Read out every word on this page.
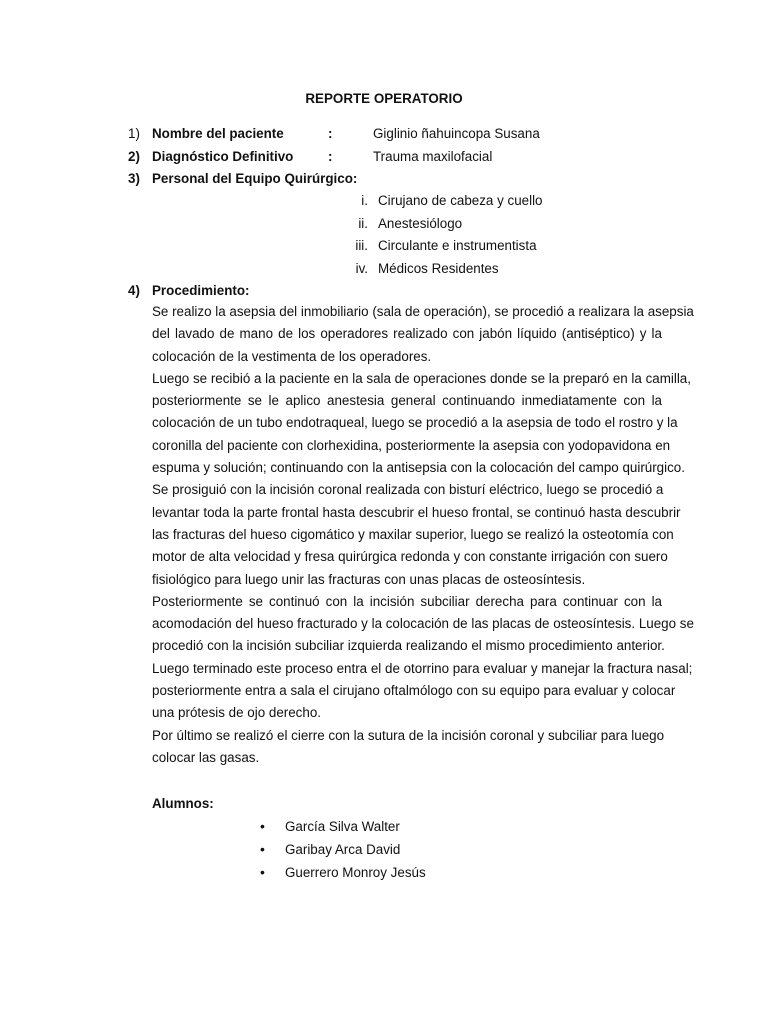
REPORTE OPERATORIO
1) Nombre del paciente	:	Giglinio ñahuincopa Susana
2) Diagnóstico Definitivo	:	Trauma maxilofacial
3) Personal del Equipo Quirúrgico:
i. Cirujano de cabeza y cuello
ii. Anestesiólogo
iii. Circulante e instrumentista
iv. Médicos Residentes
4) Procedimiento:
Se realizo la asepsia del inmobiliario (sala de operación), se procedió a realizara la asepsia
del lavado de mano de los operadores realizado con jabón líquido (antiséptico) y la
colocación de la vestimenta de los operadores.
Luego se recibió a la paciente en la sala de operaciones donde se la preparó en la camilla,
posteriormente se le aplico anestesia general continuando inmediatamente con la
colocación de un tubo endotraqueal, luego se procedió a la asepsia de todo el rostro y la
coronilla del paciente con clorhexidina, posteriormente la asepsia con yodopavidona en
espuma y solución; continuando con la antisepsia con la colocación del campo quirúrgico.
Se prosiguió con la incisión coronal realizada con bisturí eléctrico, luego se procedió a
levantar toda la parte frontal hasta descubrir el hueso frontal, se continuó hasta descubrir
las fracturas del hueso cigomático y maxilar superior, luego se realizó la osteotomía con
motor de alta velocidad y fresa quirúrgica redonda y con constante irrigación con suero
fisiológico para luego unir las fracturas con unas placas de osteosíntesis.
Posteriormente se continuó con la incisión subciliar derecha para continuar con la
acomodación del hueso fracturado y la colocación de las placas de osteosíntesis. Luego se
procedió con la incisión subciliar izquierda realizando el mismo procedimiento anterior.
Luego terminado este proceso entra el de otorrino para evaluar y manejar la fractura nasal;
posteriormente entra a sala el cirujano oftalmólogo con su equipo para evaluar y colocar
una prótesis de ojo derecho.
Por último se realizó el cierre con la sutura de la incisión coronal y subciliar para luego
colocar las gasas.
Alumnos:
• García Silva Walter
• Garibay Arca David
• Guerrero Monroy Jesús
